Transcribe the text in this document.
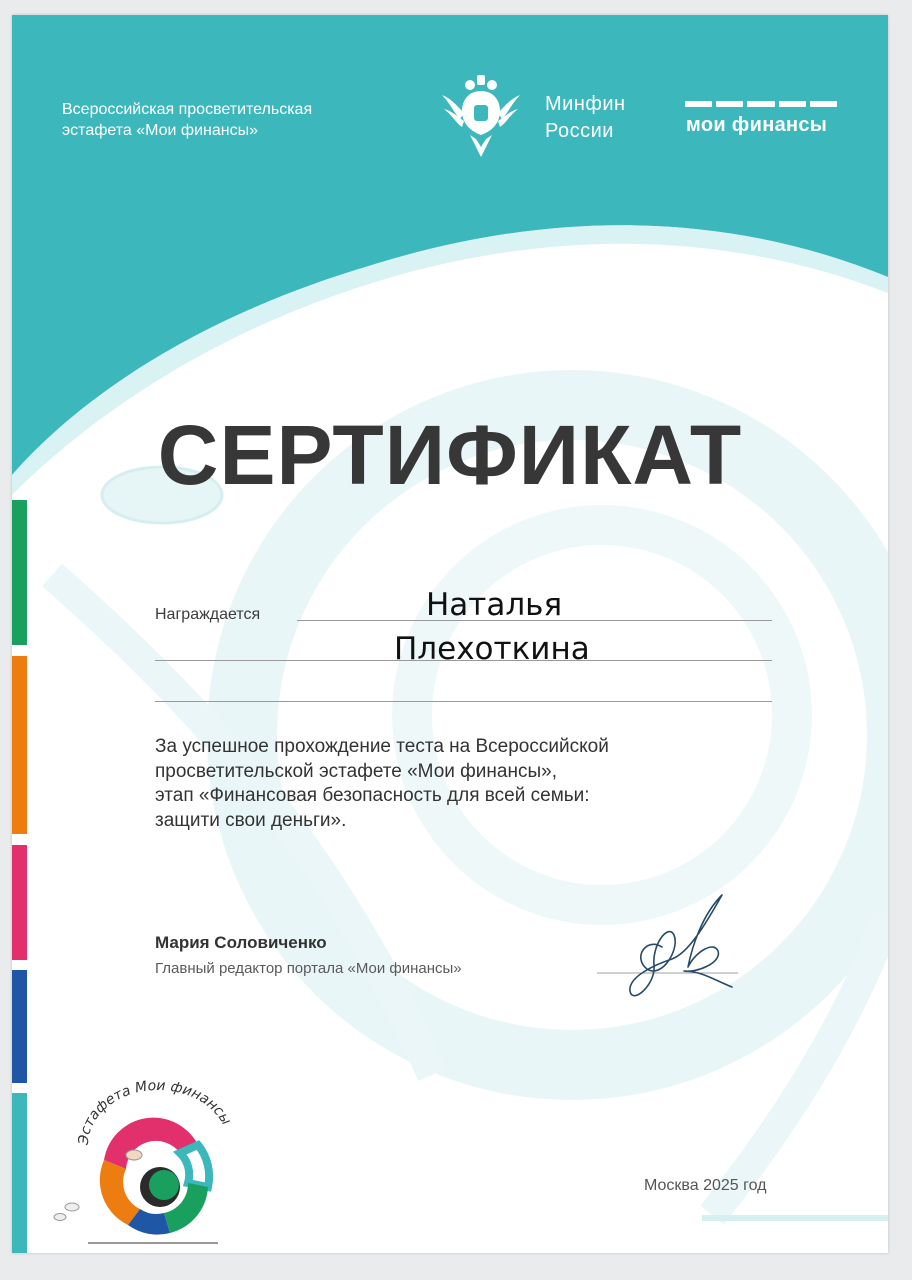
Всероссийская просветительская
эстафета «Мои финансы»
Минфин
России	мои финансы
СЕРТИФИКАТ
Награждается	Наталья
Плехоткина
За успешное прохождение теста на Всероссийской
просветительской эстафете «Мои финансы»,
этап «Финансовая безопасность для всей семьи:
защити свои деньги».
Мария Соловиченко
Главный редактор портала «Мои финансы»
Эстафета Мои финансы
Москва 2025 год
